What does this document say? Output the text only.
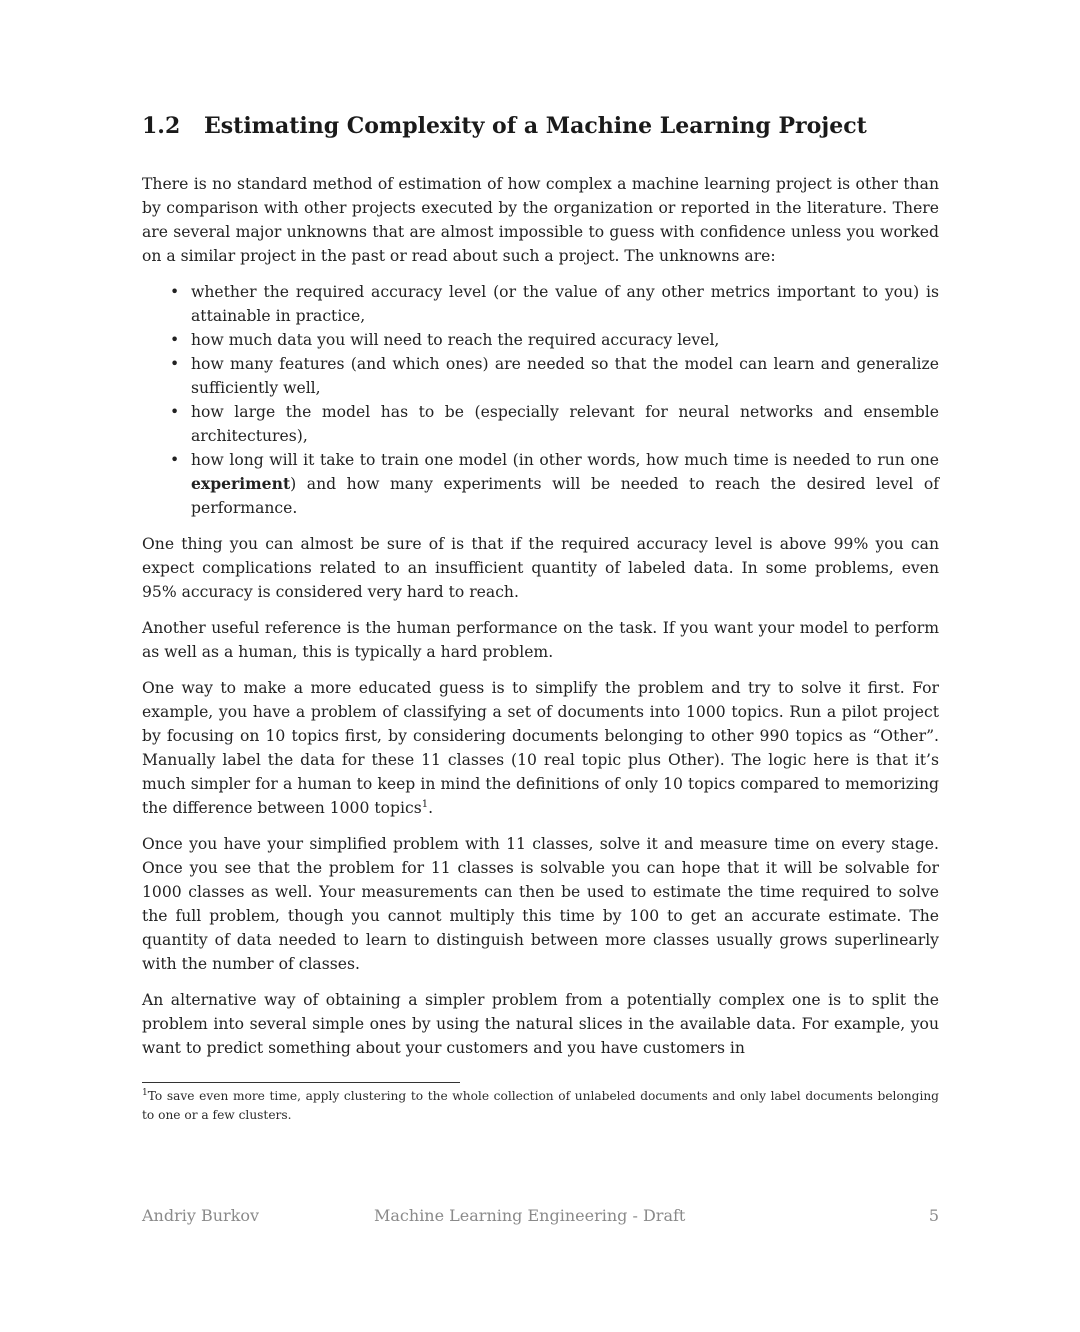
1.2 Estimating Complexity of a Machine Learning Project

There is no standard method of estimation of how complex a machine learning project is other than by comparison with other projects executed by the organization or reported in the literature. There are several major unknowns that are almost impossible to guess with confidence unless you worked on a similar project in the past or read about such a project. The unknowns are:

• whether the required accuracy level (or the value of any other metrics important to you) is attainable in practice,
• how much data you will need to reach the required accuracy level,
• how many features (and which ones) are needed so that the model can learn and generalize sufficiently well,
• how large the model has to be (especially relevant for neural networks and ensemble architectures),
• how long will it take to train one model (in other words, how much time is needed to run one experiment) and how many experiments will be needed to reach the desired level of performance.

One thing you can almost be sure of is that if the required accuracy level is above 99% you can expect complications related to an insufficient quantity of labeled data. In some problems, even 95% accuracy is considered very hard to reach.

Another useful reference is the human performance on the task. If you want your model to perform as well as a human, this is typically a hard problem.

One way to make a more educated guess is to simplify the problem and try to solve it first. For example, you have a problem of classifying a set of documents into 1000 topics. Run a pilot project by focusing on 10 topics first, by considering documents belonging to other 990 topics as “Other”. Manually label the data for these 11 classes (10 real topic plus Other). The logic here is that it’s much simpler for a human to keep in mind the definitions of only 10 topics compared to memorizing the difference between 1000 topics$^1$.

Once you have your simplified problem with 11 classes, solve it and measure time on every stage. Once you see that the problem for 11 classes is solvable you can hope that it will be solvable for 1000 classes as well. Your measurements can then be used to estimate the time required to solve the full problem, though you cannot multiply this time by 100 to get an accurate estimate. The quantity of data needed to learn to distinguish between more classes usually grows superlinearly with the number of classes.

An alternative way of obtaining a simpler problem from a potentially complex one is to split the problem into several simple ones by using the natural slices in the available data. For example, you want to predict something about your customers and you have customers in

$^1$To save even more time, apply clustering to the whole collection of unlabeled documents and only label documents belonging to one or a few clusters.

Andriy Burkov	Machine Learning Engineering - Draft	5
